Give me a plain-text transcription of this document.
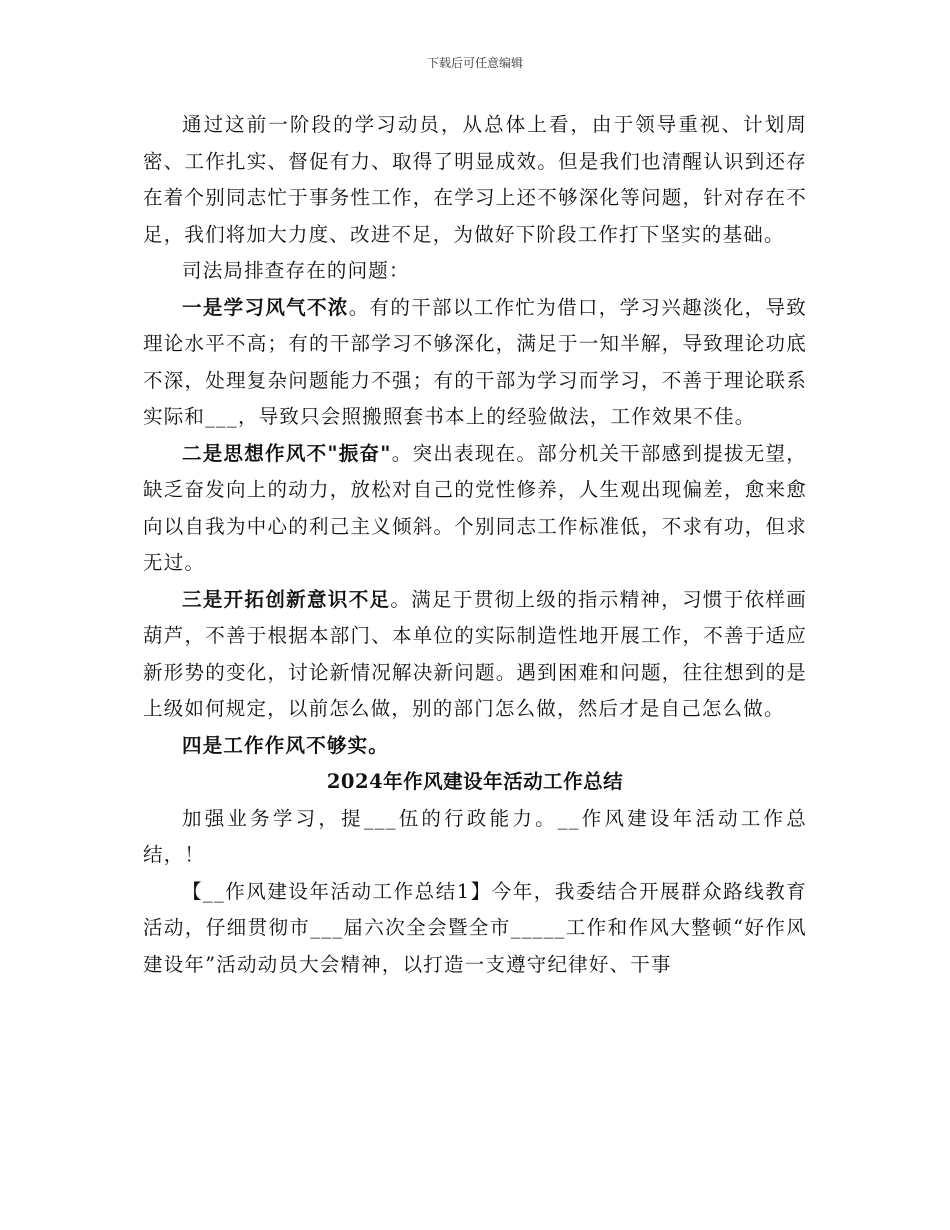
下载后可任意编辑

通过这前一阶段的学习动员，从总体上看，由于领导重视、计划周密、工作扎实、督促有力、取得了明显成效。但是我们也清醒认识到还存在着个别同志忙于事务性工作，在学习上还不够深化等问题，针对存在不足，我们将加大力度、改进不足，为做好下阶段工作打下坚实的基础。

司法局排查存在的问题：

一是学习风气不浓。有的干部以工作忙为借口，学习兴趣淡化，导致理论水平不高；有的干部学习不够深化，满足于一知半解，导致理论功底不深，处理复杂问题能力不强；有的干部为学习而学习，不善于理论联系实际和___，导致只会照搬照套书本上的经验做法，工作效果不佳。

二是思想作风不"振奋"。突出表现在。部分机关干部感到提拔无望，缺乏奋发向上的动力，放松对自己的党性修养，人生观出现偏差，愈来愈向以自我为中心的利己主义倾斜。个别同志工作标准低，不求有功，但求无过。

三是开拓创新意识不足。满足于贯彻上级的指示精神，习惯于依样画葫芦，不善于根据本部门、本单位的实际制造性地开展工作，不善于适应新形势的变化，讨论新情况解决新问题。遇到困难和问题，往往想到的是上级如何规定，以前怎么做，别的部门怎么做，然后才是自己怎么做。

四是工作作风不够实。

2024年作风建设年活动工作总结

加强业务学习，提___伍的行政能力。__作风建设年活动工作总结，！

【__作风建设年活动工作总结1】今年，我委结合开展群众路线教育活动，仔细贯彻市___届六次全会暨全市_____工作和作风大整顿“好作风建设年”活动动员大会精神，以打造一支遵守纪律好、干事
